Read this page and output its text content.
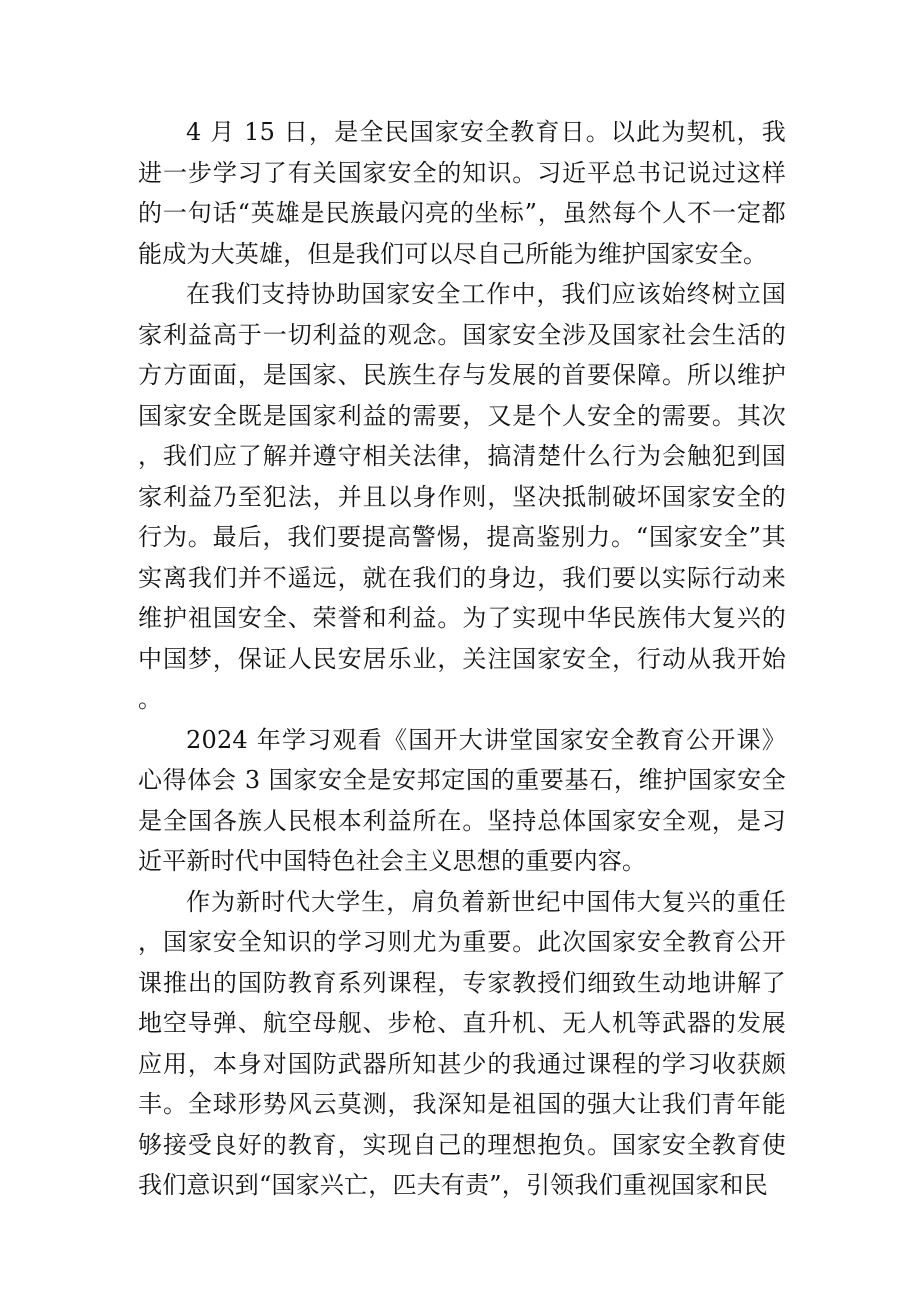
4 月 15 日，是全民国家安全教育日。以此为契机，我进一步学习了有关国家安全的知识。习近平总书记说过这样的一句话“英雄是民族最闪亮的坐标”，虽然每个人不一定都能成为大英雄，但是我们可以尽自己所能为维护国家安全。

在我们支持协助国家安全工作中，我们应该始终树立国家利益高于一切利益的观念。国家安全涉及国家社会生活的方方面面，是国家、民族生存与发展的首要保障。所以维护国家安全既是国家利益的需要，又是个人安全的需要。其次，我们应了解并遵守相关法律，搞清楚什么行为会触犯到国家利益乃至犯法，并且以身作则，坚决抵制破坏国家安全的行为。最后，我们要提高警惕，提高鉴别力。“国家安全”其实离我们并不遥远，就在我们的身边，我们要以实际行动来维护祖国安全、荣誉和利益。为了实现中华民族伟大复兴的中国梦，保证人民安居乐业，关注国家安全，行动从我开始。

2024 年学习观看《国开大讲堂国家安全教育公开课》心得体会 3 国家安全是安邦定国的重要基石，维护国家安全是全国各族人民根本利益所在。坚持总体国家安全观，是习近平新时代中国特色社会主义思想的重要内容。

作为新时代大学生，肩负着新世纪中国伟大复兴的重任，国家安全知识的学习则尤为重要。此次国家安全教育公开课推出的国防教育系列课程，专家教授们细致生动地讲解了地空导弹、航空母舰、步枪、直升机、无人机等武器的发展应用，本身对国防武器所知甚少的我通过课程的学习收获颇丰。全球形势风云莫测，我深知是祖国的强大让我们青年能够接受良好的教育，实现自己的理想抱负。国家安全教育使我们意识到“国家兴亡，匹夫有责”，引领我们重视国家和民
